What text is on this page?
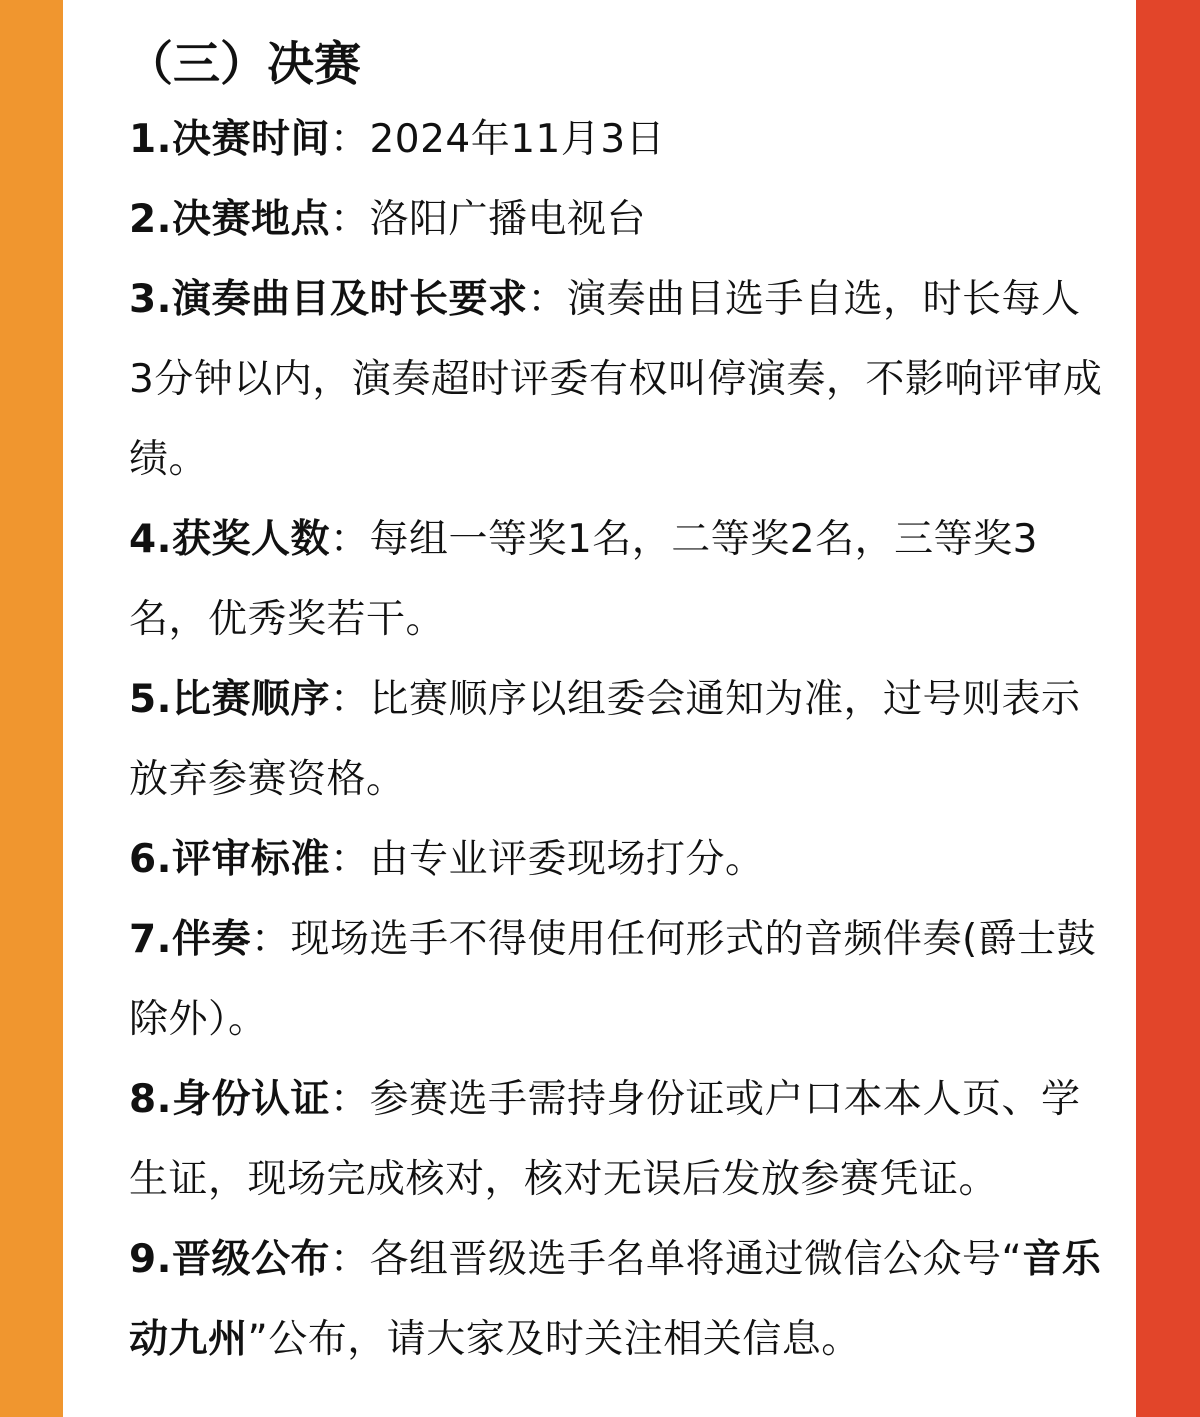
（三）决赛
1.决赛时间：2024年11月3日
2.决赛地点：洛阳广播电视台
3.演奏曲目及时长要求：演奏曲目选手自选，时长每人3分钟以内，演奏超时评委有权叫停演奏，不影响评审成绩。
4.获奖人数：每组一等奖1名，二等奖2名，三等奖3名，优秀奖若干。
5.比赛顺序：比赛顺序以组委会通知为准，过号则表示放弃参赛资格。
6.评审标准：由专业评委现场打分。
7.伴奏：现场选手不得使用任何形式的音频伴奏(爵士鼓除外）。
8.身份认证：参赛选手需持身份证或户口本本人页、学生证，现场完成核对，核对无误后发放参赛凭证。
9.晋级公布：各组晋级选手名单将通过微信公众号“音乐动九州”公布，请大家及时关注相关信息。
